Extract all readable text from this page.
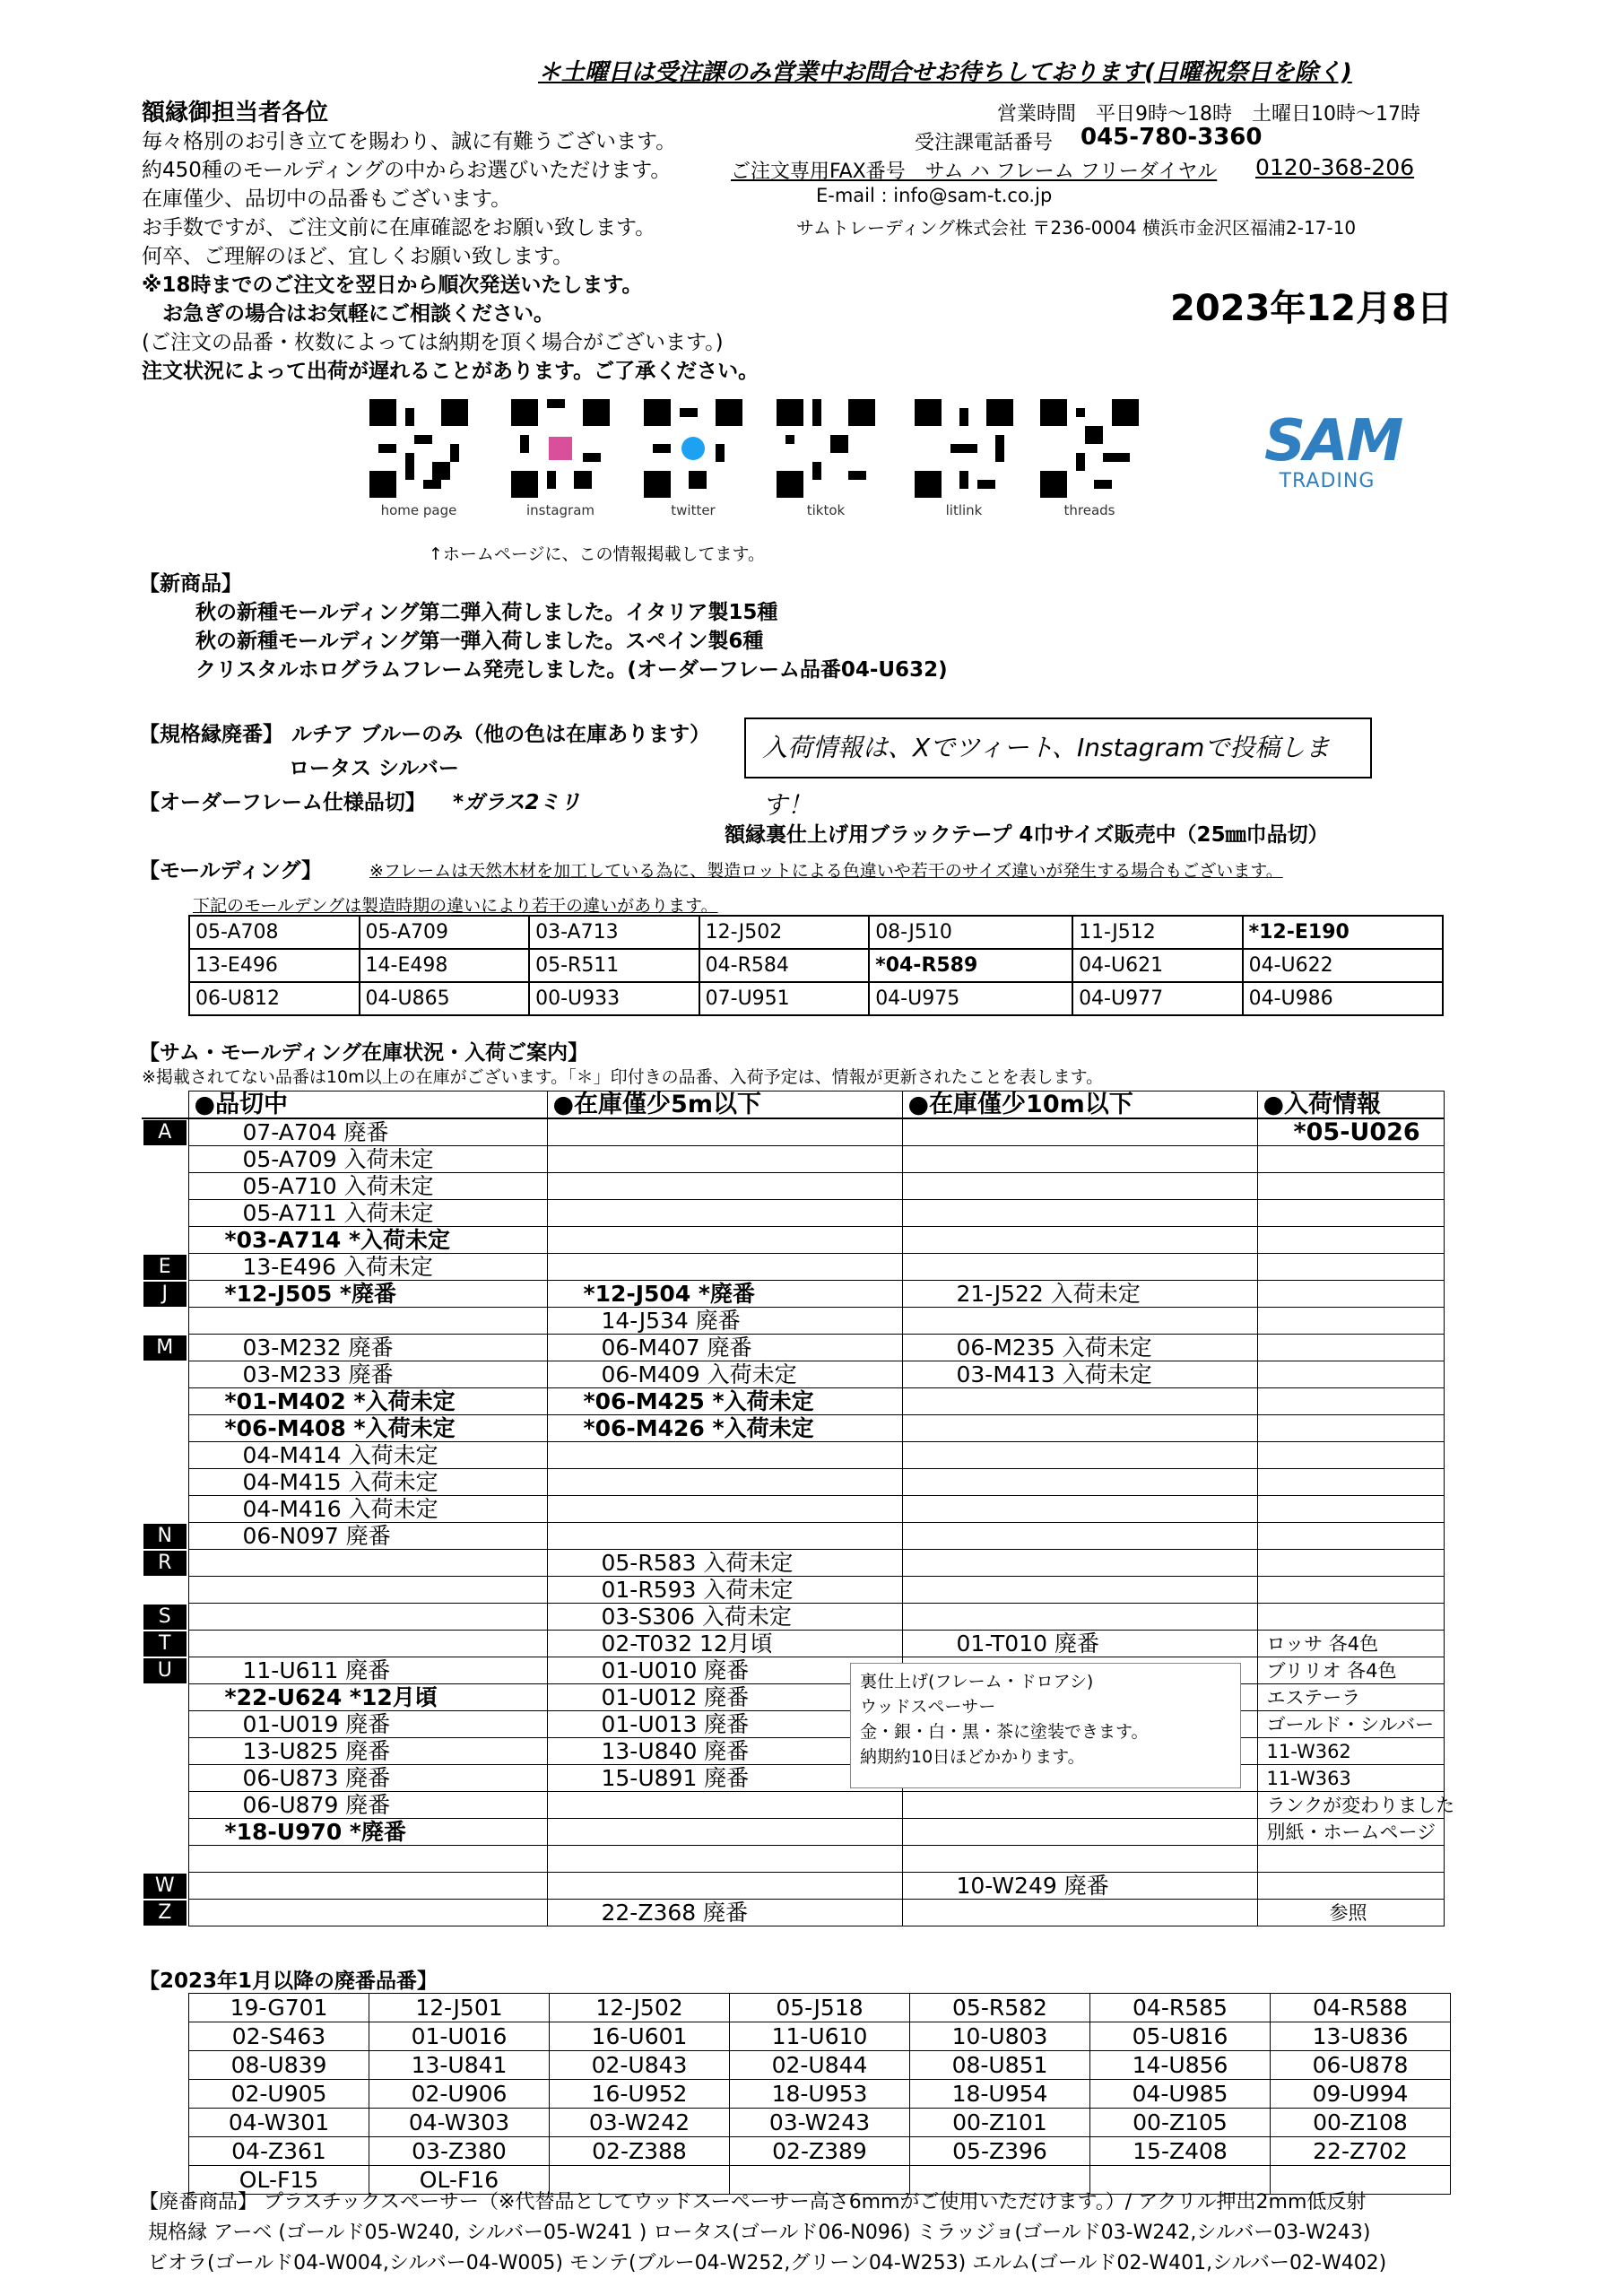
＊土曜日は受注課のみ営業中お問合せお待ちしております(日曜祝祭日を除く)
額縁御担当者各位
毎々格別のお引き立てを賜わり、誠に有難うございます。
約450種のモールディングの中からお選びいただけます。
在庫僅少、品切中の品番もございます。
お手数ですが、ご注文前に在庫確認をお願い致します。
何卒、ご理解のほど、宜しくお願い致します。
※18時までのご注文を翌日から順次発送いたします。
　お急ぎの場合はお気軽にご相談ください。
(ご注文の品番・枚数によっては納期を頂く場合がございます。)
注文状況によって出荷が遅れることがあります。ご了承ください。
営業時間　平日9時～18時　土曜日10時～17時
受注課電話番号 045-780-3360
ご注文専用FAX番号　サム ハ フレーム フリーダイヤル 0120-368-206
E-mail : info@sam-t.co.jp
サムトレーディング株式会社 〒236-0004 横浜市金沢区福浦2-17-10
2023年12月8日
home page	instagram	twitter	tiktok	litlink	threads
↑ホームページに、この情報掲載してます。
SAM
TRADING
【新商品】
秋の新種モールディング第二弾入荷しました。イタリア製15種
秋の新種モールディング第一弾入荷しました。スペイン製6種
クリスタルホログラムフレーム発売しました。(オーダーフレーム品番04-U632)
【規格縁廃番】 ルチア ブルーのみ（他の色は在庫あります）
ロータス シルバー
入荷情報は、Xでツィート、Instagramで投稿します！
【オーダーフレーム仕様品切】 *ガラス2ミリ
額縁裏仕上げ用ブラックテープ 4巾サイズ販売中（25㎜巾品切）
【モールディング】	※フレームは天然木材を加工している為に、製造ロットによる色違いや若干のサイズ違いが発生する場合もございます。
下記のモールデングは製造時期の違いにより若干の違いがあります。
05-A708	05-A709	03-A713	12-J502	08-J510	11-J512	*12-E190
13-E496	14-E498	05-R511	04-R584	*04-R589	04-U621	04-U622
06-U812	04-U865	00-U933	07-U951	04-U975	04-U977	04-U986
【サム・モールディング在庫状況・入荷ご案内】
※掲載されてない品番は10m以上の在庫がございます。「＊」印付きの品番、入荷予定は、情報が更新されたことを表します。
	●品切中	●在庫僅少5m以下	●在庫僅少10m以下	●入荷情報

A	07-A704 廃番			*05-U026
	05-A709 入荷未定			
	05-A710 入荷未定			
	05-A711 入荷未定			
	*03-A714 *入荷未定			

E	13-E496 入荷未定			

J	*12-J505 *廃番	*12-J504 *廃番	21-J522 入荷未定	
		14-J534 廃番		

M	03-M232 廃番	06-M407 廃番	06-M235 入荷未定	
	03-M233 廃番	06-M409 入荷未定	03-M413 入荷未定	
	*01-M402 *入荷未定	*06-M425 *入荷未定		
	*06-M408 *入荷未定	*06-M426 *入荷未定		
	04-M414 入荷未定			
	04-M415 入荷未定			
	04-M416 入荷未定			

N	06-N097 廃番			

R		05-R583 入荷未定		
		01-R593 入荷未定		

S		03-S306 入荷未定		

T		02-T032 12月頃	01-T010 廃番	ロッサ 各4色

U	11-U611 廃番	01-U010 廃番		ブリリオ 各4色
	*22-U624 *12月頃	01-U012 廃番		エステーラ
	01-U019 廃番	01-U013 廃番		ゴールド・シルバー
	13-U825 廃番	13-U840 廃番		11-W362
	06-U873 廃番	15-U891 廃番		11-W363
	06-U879 廃番			ランクが変わりました
	*18-U970 *廃番			別紙・ホームページ

W			10-W249 廃番	

Z		22-Z368 廃番		参照
裏仕上げ(フレーム・ドロアシ)
ウッドスペーサー
金・銀・白・黒・茶に塗装できます。
納期約10日ほどかかります。
【2023年1月以降の廃番品番】
19-G701	12-J501	12-J502	05-J518	05-R582	04-R585	04-R588
02-S463	01-U016	16-U601	11-U610	10-U803	05-U816	13-U836
08-U839	13-U841	02-U843	02-U844	08-U851	14-U856	06-U878
02-U905	02-U906	16-U952	18-U953	18-U954	04-U985	09-U994
04-W301	04-W303	03-W242	03-W243	00-Z101	00-Z105	00-Z108
04-Z361	03-Z380	02-Z388	02-Z389	05-Z396	15-Z408	22-Z702
OL-F15	OL-F16					
【廃番商品】 プラスチックスペーサー（※代替品としてウッドスーペーサー高さ6mmがご使用いただけます。）/ アクリル押出2mm低反射
規格縁 アーベ (ゴールド05-W240, シルバー05-W241 ) ロータス(ゴールド06-N096) ミラッジョ(ゴールド03-W242,シルバー03-W243)
ビオラ(ゴールド04-W004,シルバー04-W005) モンテ(ブルー04-W252,グリーン04-W253) エルム(ゴールド02-W401,シルバー02-W402)
